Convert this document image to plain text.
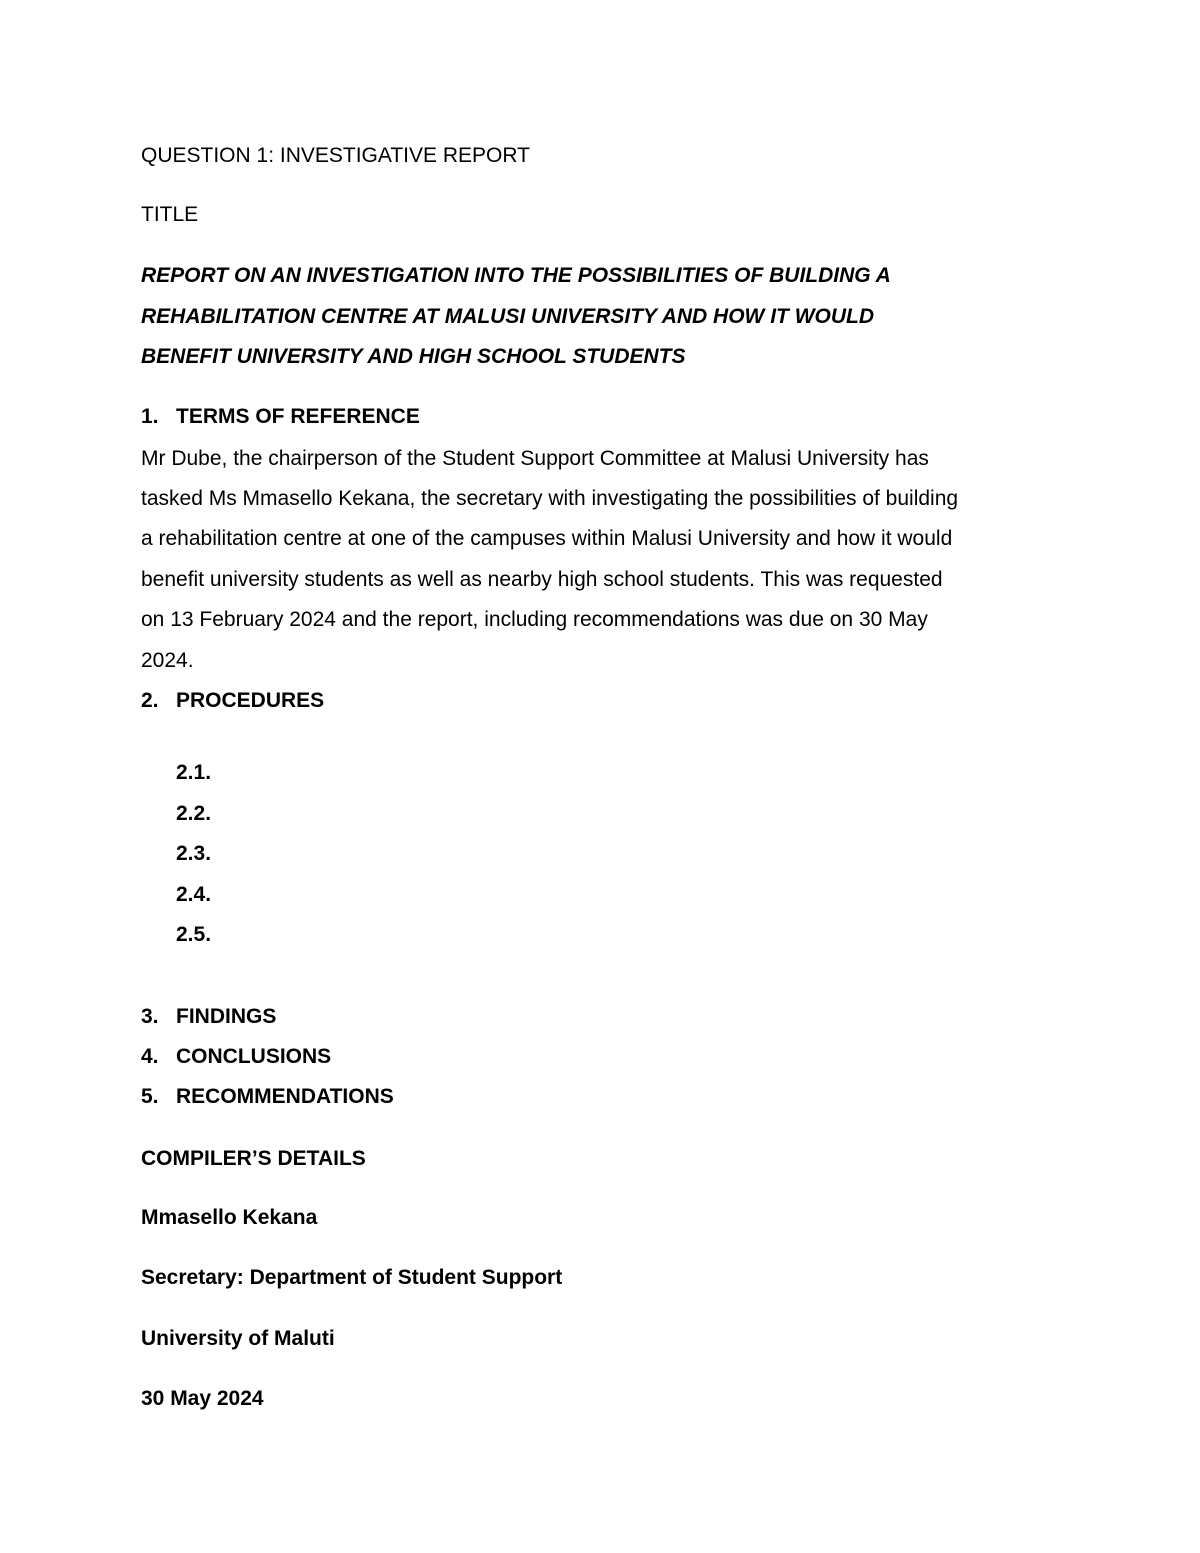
QUESTION 1: INVESTIGATIVE REPORT
TITLE
REPORT ON AN INVESTIGATION INTO THE POSSIBILITIES OF BUILDING A
REHABILITATION CENTRE AT MALUSI UNIVERSITY AND HOW IT WOULD
BENEFIT UNIVERSITY AND HIGH SCHOOL STUDENTS
1. TERMS OF REFERENCE
Mr Dube, the chairperson of the Student Support Committee at Malusi University has
tasked Ms Mmasello Kekana, the secretary with investigating the possibilities of building
a rehabilitation centre at one of the campuses within Malusi University and how it would
benefit university students as well as nearby high school students. This was requested
on 13 February 2024 and the report, including recommendations was due on 30 May
2024.
2. PROCEDURES
2.1.
2.2.
2.3.
2.4.
2.5.
3. FINDINGS
4. CONCLUSIONS
5. RECOMMENDATIONS
COMPILER’S DETAILS
Mmasello Kekana
Secretary: Department of Student Support
University of Maluti
30 May 2024
